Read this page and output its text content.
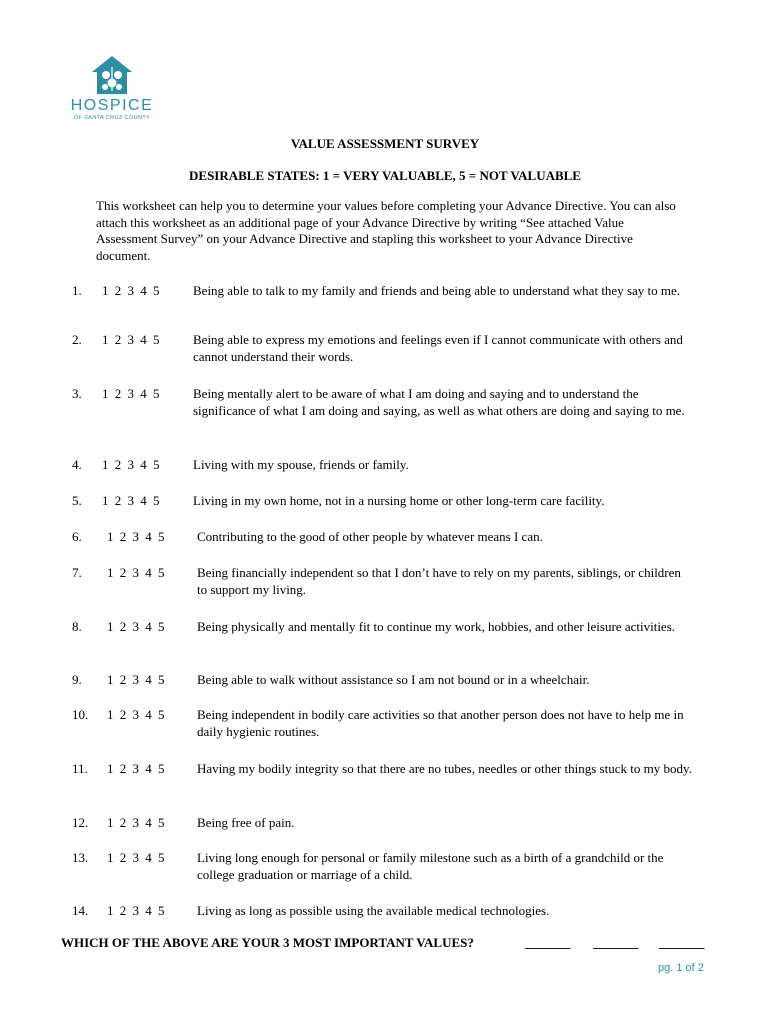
HOSPICE
OF SANTA CRUZ COUNTY
VALUE ASSESSMENT SURVEY
DESIRABLE STATES: 1 = VERY VALUABLE, 5 = NOT VALUABLE
This worksheet can help you to determine your values before completing your Advance Directive. You can also attach this worksheet as an additional page of your Advance Directive by writing “See attached Value Assessment Survey” on your Advance Directive and stapling this worksheet to your Advance Directive document.
1. 1 2 3 4 5	Being able to talk to my family and friends and being able to understand what they say to me.
2. 1 2 3 4 5	Being able to express my emotions and feelings even if I cannot communicate with others and cannot understand their words.
3. 1 2 3 4 5	Being mentally alert to be aware of what I am doing and saying and to understand the significance of what I am doing and saying, as well as what others are doing and saying to me.
4. 1 2 3 4 5	Living with my spouse, friends or family.
5. 1 2 3 4 5	Living in my own home, not in a nursing home or other long-term care facility.
6. 1 2 3 4 5	Contributing to the good of other people by whatever means I can.
7. 1 2 3 4 5	Being financially independent so that I don’t have to rely on my parents, siblings, or children to support my living.
8. 1 2 3 4 5	Being physically and mentally fit to continue my work, hobbies, and other leisure activities.
9. 1 2 3 4 5	Being able to walk without assistance so I am not bound or in a wheelchair.
10. 1 2 3 4 5	Being independent in bodily care activities so that another person does not have to help me in daily hygienic routines.
11. 1 2 3 4 5	Having my bodily integrity so that there are no tubes, needles or other things stuck to my body.
12. 1 2 3 4 5	Being free of pain.
13. 1 2 3 4 5	Living long enough for personal or family milestone such as a birth of a grandchild or the college graduation or marriage of a child.
14. 1 2 3 4 5	Living as long as possible using the available medical technologies.
WHICH OF THE ABOVE ARE YOUR 3 MOST IMPORTANT VALUES?	_______ _______ _______
pg. 1 of 2
